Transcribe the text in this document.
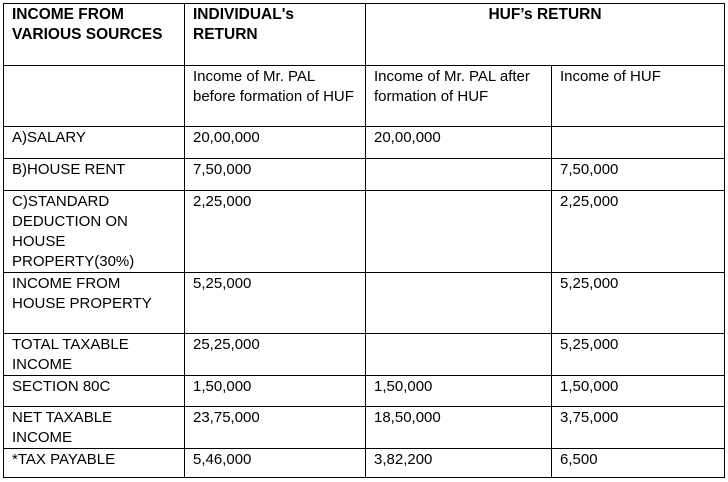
INCOME FROM VARIOUS SOURCES	INDIVIDUAL's RETURN	HUF’s RETURN	
	Income of Mr. PAL before formation of HUF	Income of Mr. PAL after formation of HUF	Income of HUF
A)SALARY	20,00,000	20,00,000	
B)HOUSE RENT	7,50,000		7,50,000
C)STANDARD DEDUCTION ON HOUSE PROPERTY(30%)	2,25,000		2,25,000
INCOME FROM HOUSE PROPERTY	5,25,000		5,25,000
TOTAL TAXABLE INCOME	25,25,000		5,25,000
SECTION 80C	1,50,000	1,50,000	1,50,000
NET TAXABLE INCOME	23,75,000	18,50,000	3,75,000
*TAX PAYABLE	5,46,000	3,82,200	6,500
